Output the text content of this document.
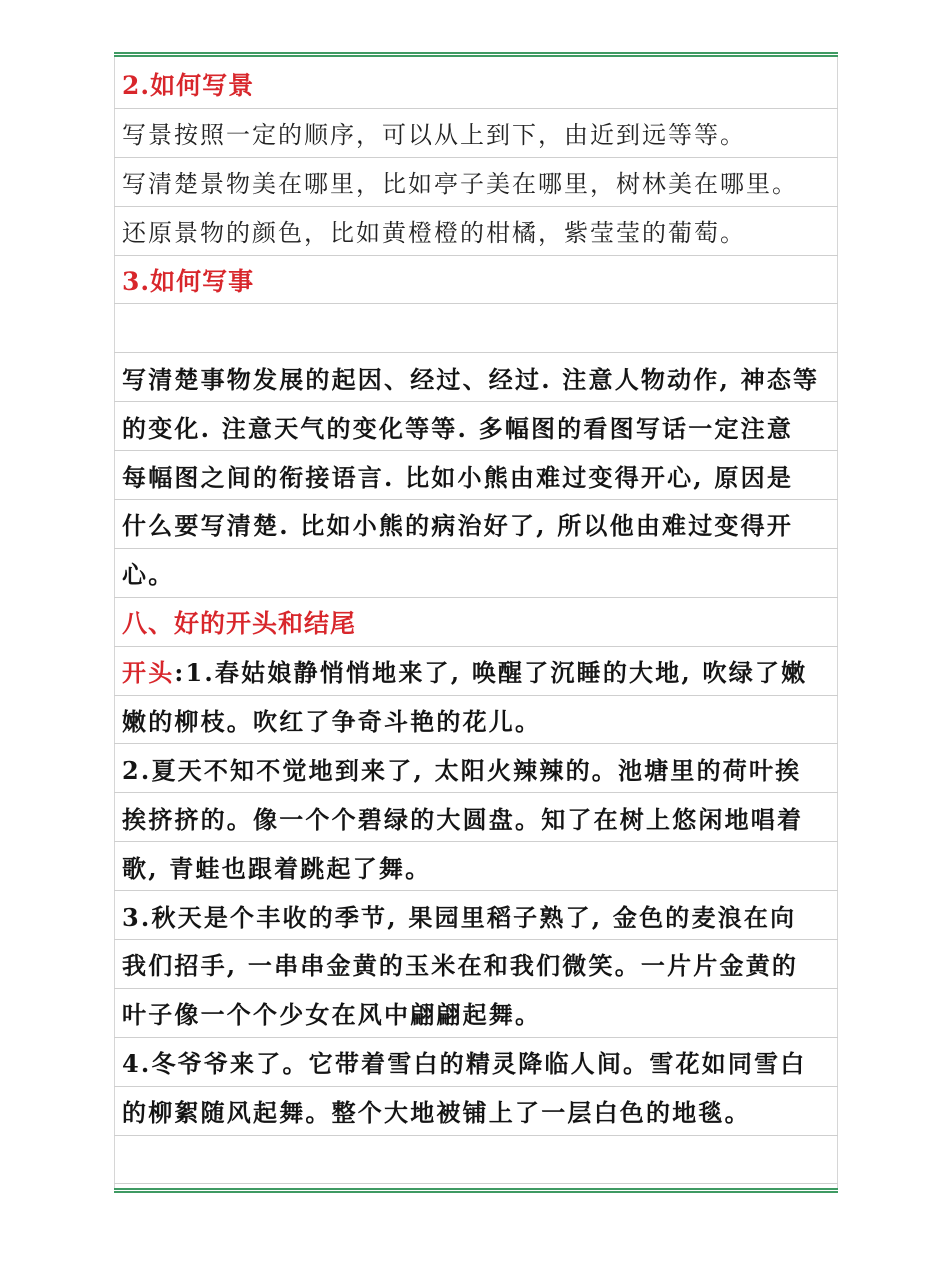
2.如何写景
写景按照一定的顺序，可以从上到下，由近到远等等。
写清楚景物美在哪里，比如亭子美在哪里，树林美在哪里。
还原景物的颜色，比如黄橙橙的柑橘，紫莹莹的葡萄。
3.如何写事
写清楚事物发展的起因、经过、经过. 注意人物动作, 神态等
的变化. 注意天气的变化等等. 多幅图的看图写话一定注意
每幅图之间的衔接语言. 比如小熊由难过变得开心, 原因是
什么要写清楚. 比如小熊的病治好了, 所以他由难过变得开
心。
八、好的开头和结尾
开头 :1.春姑娘静悄悄地来了, 唤醒了沉睡的大地, 吹绿了嫩
嫩的柳枝。吹红了争奇斗艳的花儿。
2.夏天不知不觉地到来了, 太阳火辣辣的。池塘里的荷叶挨
挨挤挤的。像一个个碧绿的大圆盘。知了在树上悠闲地唱着
歌, 青蛙也跟着跳起了舞。
3.秋天是个丰收的季节, 果园里稻子熟了, 金色的麦浪在向
我们招手, 一串串金黄的玉米在和我们微笑。一片片金黄的
叶子像一个个少女在风中翩翩起舞。
4.冬爷爷来了。它带着雪白的精灵降临人间。雪花如同雪白
的柳絮随风起舞。整个大地被铺上了一层白色的地毯。
